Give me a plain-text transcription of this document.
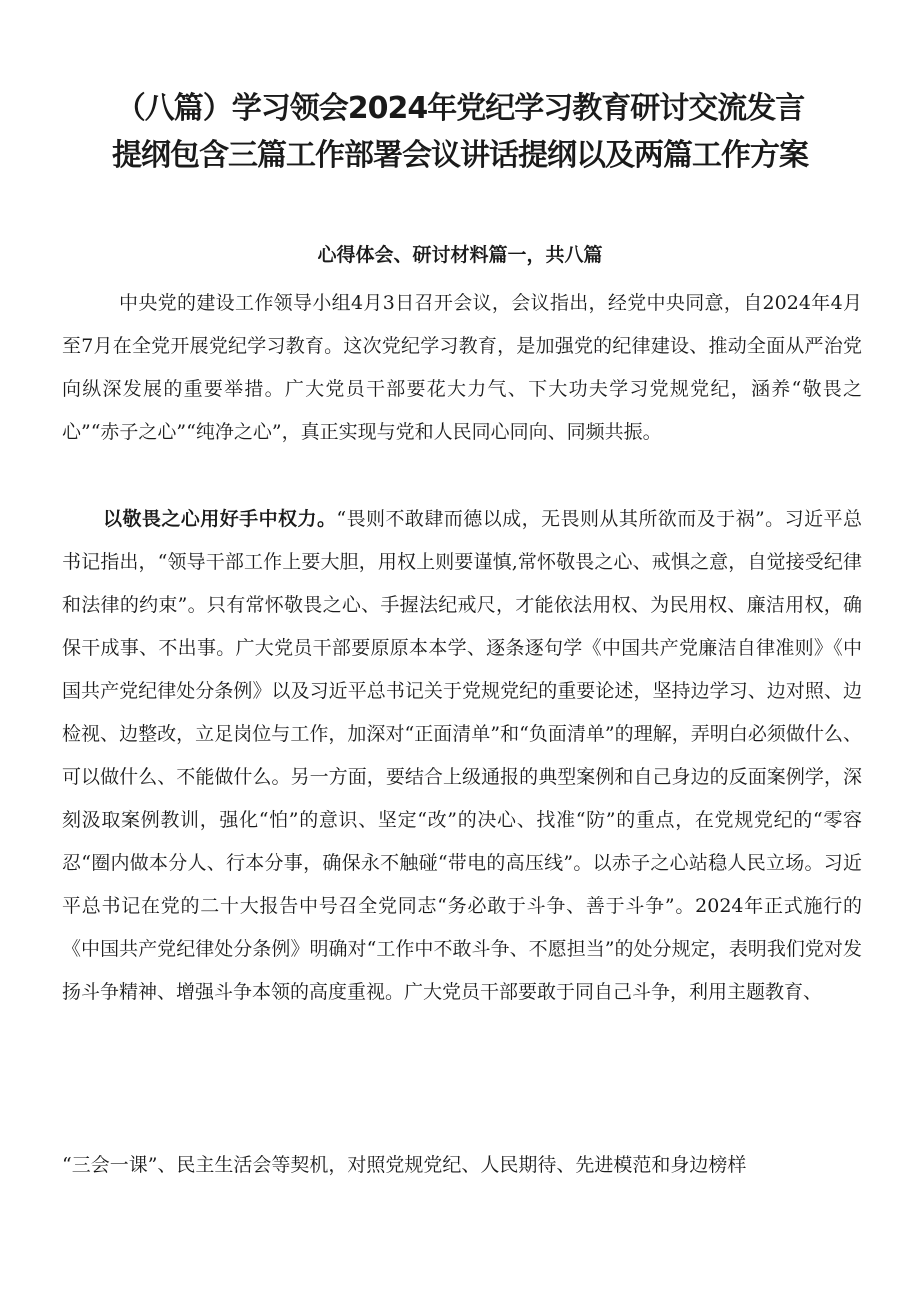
（八篇）学习领会2024年党纪学习教育研讨交流发言
提纲包含三篇工作部署会议讲话提纲以及两篇工作方案
心得体会、研讨材料篇一，共八篇

中央党的建设工作领导小组4月3日召开会议，会议指出，经党中央同意，自2024年4月至7月在全党开展党纪学习教育。这次党纪学习教育，是加强党的纪律建设、推动全面从严治党向纵深发展的重要举措。广大党员干部要花大力气、下大功夫学习党规党纪，涵养“敬畏之心”“赤子之心”“纯净之心”，真正实现与党和人民同心同向、同频共振。

以敬畏之心用好手中权力。“畏则不敢肆而德以成，无畏则从其所欲而及于祸”。习近平总书记指出，“领导干部工作上要大胆，用权上则要谨慎,常怀敬畏之心、戒惧之意，自觉接受纪律和法律的约束”。只有常怀敬畏之心、手握法纪戒尺，才能依法用权、为民用权、廉洁用权，确保干成事、不出事。广大党员干部要原原本本学、逐条逐句学《中国共产党廉洁自律准则》《中国共产党纪律处分条例》以及习近平总书记关于党规党纪的重要论述，坚持边学习、边对照、边检视、边整改，立足岗位与工作，加深对“正面清单”和“负面清单”的理解，弄明白必须做什么、可以做什么、不能做什么。另一方面，要结合上级通报的典型案例和自己身边的反面案例学，深刻汲取案例教训，强化“怕”的意识、坚定“改”的决心、找准“防”的重点，在党规党纪的“零容忍“圈内做本分人、行本分事，确保永不触碰“带电的高压线”。以赤子之心站稳人民立场。习近平总书记在党的二十大报告中号召全党同志“务必敢于斗争、善于斗争”。2024年正式施行的《中国共产党纪律处分条例》明确对“工作中不敢斗争、不愿担当”的处分规定，表明我们党对发扬斗争精神、增强斗争本领的高度重视。广大党员干部要敢于同自己斗争，利用主题教育、

“三会一课”、民主生活会等契机，对照党规党纪、人民期待、先进模范和身边榜样
